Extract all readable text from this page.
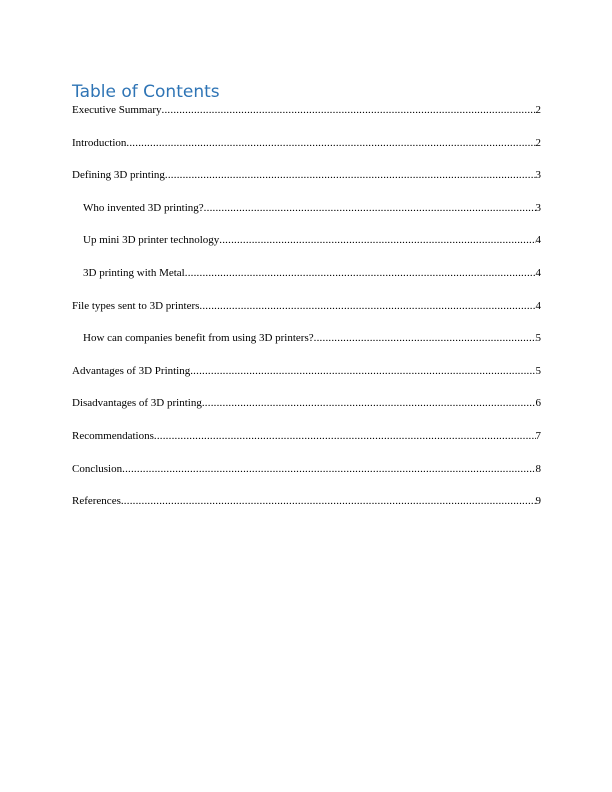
Table of Contents
Executive Summary .....	2
Introduction .....	2
Defining 3D printing .....	3
Who invented 3D printing? .....	3
Up mini 3D printer technology .....	4
3D printing with Metal .....	4
File types sent to 3D printers .....	4
How can companies benefit from using 3D printers? .....	5
Advantages of 3D Printing .....	5
Disadvantages of 3D printing .....	6
Recommendations .....	7
Conclusion .....	8
References .....	9
